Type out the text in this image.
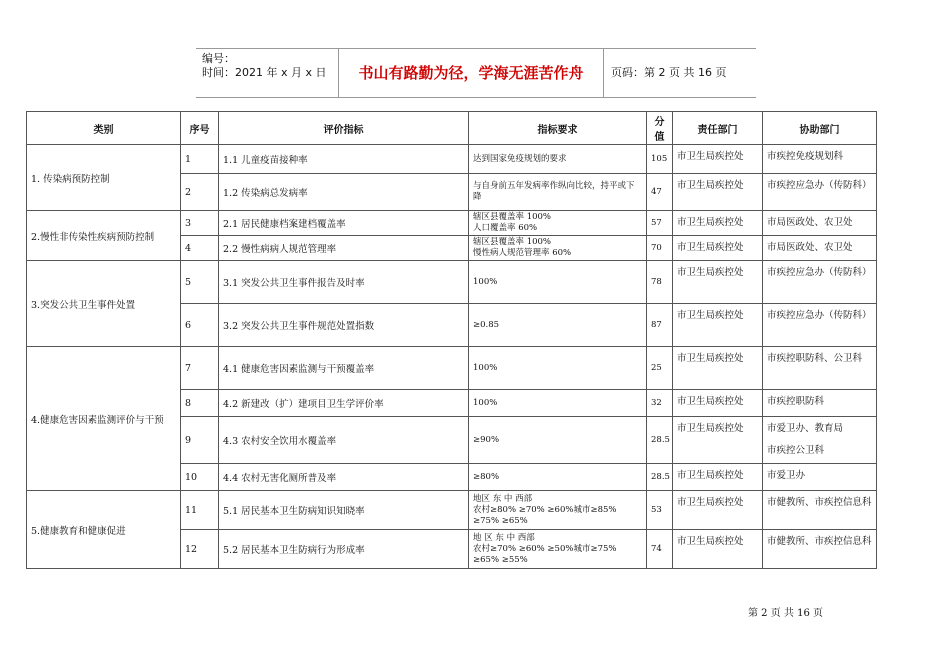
编号：
时间：2021 年 x 月 x 日	书山有路勤为径，学海无涯苦作舟	页码：第 2 页 共 16 页
类别	序号	评价指标	指标要求	分值	责任部门	协助部门
1. 传染病预防控制	1	1.1 儿童疫苗接种率	达到国家免疫规划的要求	105	市卫生局疾控处	市疾控免疫规划科
	2	1.2 传染病总发病率	与自身前五年发病率作纵向比较，持平或下降	47	市卫生局疾控处	市疾控应急办（传防科）
2.慢性非传染性疾病预防控制	3	2.1 居民健康档案建档覆盖率	辖区县覆盖率 100%
人口覆盖率 60%	57	市卫生局疾控处	市局医政处、农卫处
	4	2.2 慢性病病人规范管理率	辖区县覆盖率 100%
慢性病人规范管理率 60%	70	市卫生局疾控处	市局医政处、农卫处
3.突发公共卫生事件处置	5	3.1 突发公共卫生事件报告及时率	100%	78	市卫生局疾控处	市疾控应急办（传防科）
	6	3.2 突发公共卫生事件规范处置指数	≥0.85	87	市卫生局疾控处	市疾控应急办（传防科）
4.健康危害因素监测评价与干预	7	4.1 健康危害因素监测与干预覆盖率	100%	25	市卫生局疾控处	市疾控职防科、公卫科
	8	4.2 新建改（扩）建项目卫生学评价率	100%	32	市卫生局疾控处	市疾控职防科
	9	4.3 农村安全饮用水覆盖率	≥90%	28.5	市卫生局疾控处	市爱卫办、教育局
市疾控公卫科
	10	4.4 农村无害化厕所普及率	≥80%	28.5	市卫生局疾控处	市爱卫办
5.健康教育和健康促进	11	5.1 居民基本卫生防病知识知晓率	地区 东 中 西部
农村≥80% ≥70% ≥60%城市≥85%
≥75% ≥65%	53	市卫生局疾控处	市健教所、市疾控信息科
	12	5.2 居民基本卫生防病行为形成率	地 区 东 中 西部
农村≥70% ≥60% ≥50%城市≥75%
≥65% ≥55%	74	市卫生局疾控处	市健教所、市疾控信息科
第 2 页 共 16 页
